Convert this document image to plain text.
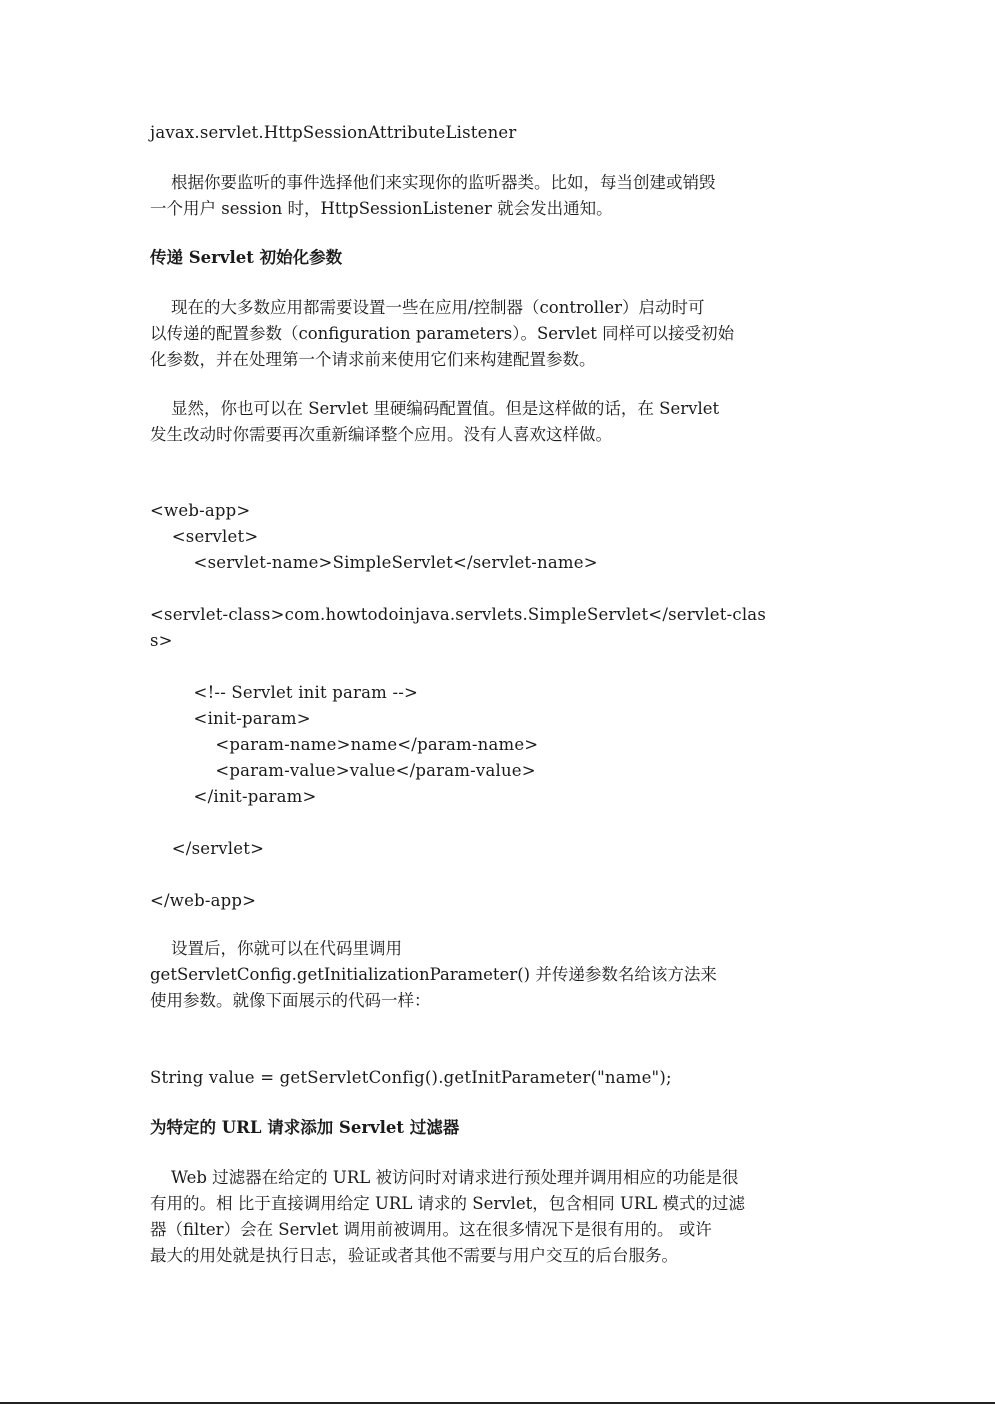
javax.servlet.HttpSessionAttributeListener
根据你要监听的事件选择他们来实现你的监听器类。比如，每当创建或销毁
一个用户 session 时，HttpSessionListener 就会发出通知。
传递 Servlet 初始化参数
现在的大多数应用都需要设置一些在应用/控制器（controller）启动时可
以传递的配置参数（configuration parameters）。Servlet 同样可以接受初始
化参数，并在处理第一个请求前来使用它们来构建配置参数。
显然，你也可以在 Servlet 里硬编码配置值。但是这样做的话，在 Servlet
发生改动时你需要再次重新编译整个应用。没有人喜欢这样做。
<web-app>
<servlet>
<servlet-name>SimpleServlet</servlet-name>
<servlet-class>com.howtodoinjava.servlets.SimpleServlet</servlet-clas
s>
<!-- Servlet init param -->
<init-param>
<param-name>name</param-name>
<param-value>value</param-value>
</init-param>
</servlet>
</web-app>
设置后，你就可以在代码里调用
getServletConfig.getInitializationParameter() 并传递参数名给该方法来
使用参数。就像下面展示的代码一样：
String value = getServletConfig().getInitParameter("name");
为特定的 URL 请求添加 Servlet 过滤器
Web 过滤器在给定的 URL 被访问时对请求进行预处理并调用相应的功能是很
有用的。相 比于直接调用给定 URL 请求的 Servlet，包含相同 URL 模式的过滤
器（filter）会在 Servlet 调用前被调用。这在很多情况下是很有用的。 或许
最大的用处就是执行日志，验证或者其他不需要与用户交互的后台服务。
